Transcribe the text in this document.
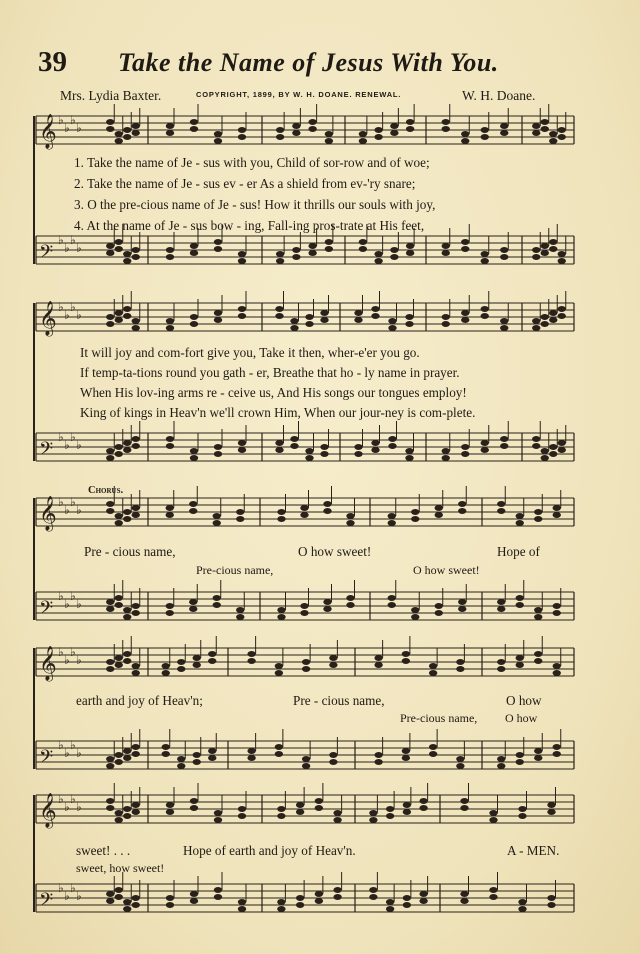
39 Take the Name of Jesus With You.
Mrs. Lydia Baxter.	COPYRIGHT, 1899, BY W. H. DOANE. RENEWAL.	W. H. Doane.
♭
♭
♭
♭
𝄞
♭
♭
♭
♭
𝄢
♭
♭
♭
♭
𝄞
♭
♭
♭
♭
𝄢
♭
♭
♭
♭
𝄞
♭
♭
♭
♭
𝄢
♭
♭
♭
♭
𝄞
♭
♭
♭
♭
𝄢
♭
♭
♭
♭
𝄞
♭
♭
♭
♭
𝄢
1. Take the name of Je - sus with you, Child of sor-row and of woe;
2. Take the name of Je - sus ev - er As a shield from ev-'ry snare;
3. O the pre-cious name of Je - sus! How it thrills our souls with joy,
4. At the name of Je - sus bow - ing, Fall-ing pros-trate at His feet,
It will joy and com-fort give you, Take it then, wher-e'er you go.
If temp-ta-tions round you gath - er, Breathe that ho - ly name in prayer.
When His lov-ing arms re - ceive us, And His songs our tongues employ!
King of kings in Heav'n we'll crown Him, When our jour-ney is com-plete.
Chorus.
Pre - cious name,	O how sweet!	Hope of
Pre-cious name,	O how sweet!
earth and joy of Heav'n;	Pre - cious name,	O how
Pre-cious name, O how
sweet! . . .	Hope of earth and joy of Heav'n.	A - MEN.
sweet, how sweet!
